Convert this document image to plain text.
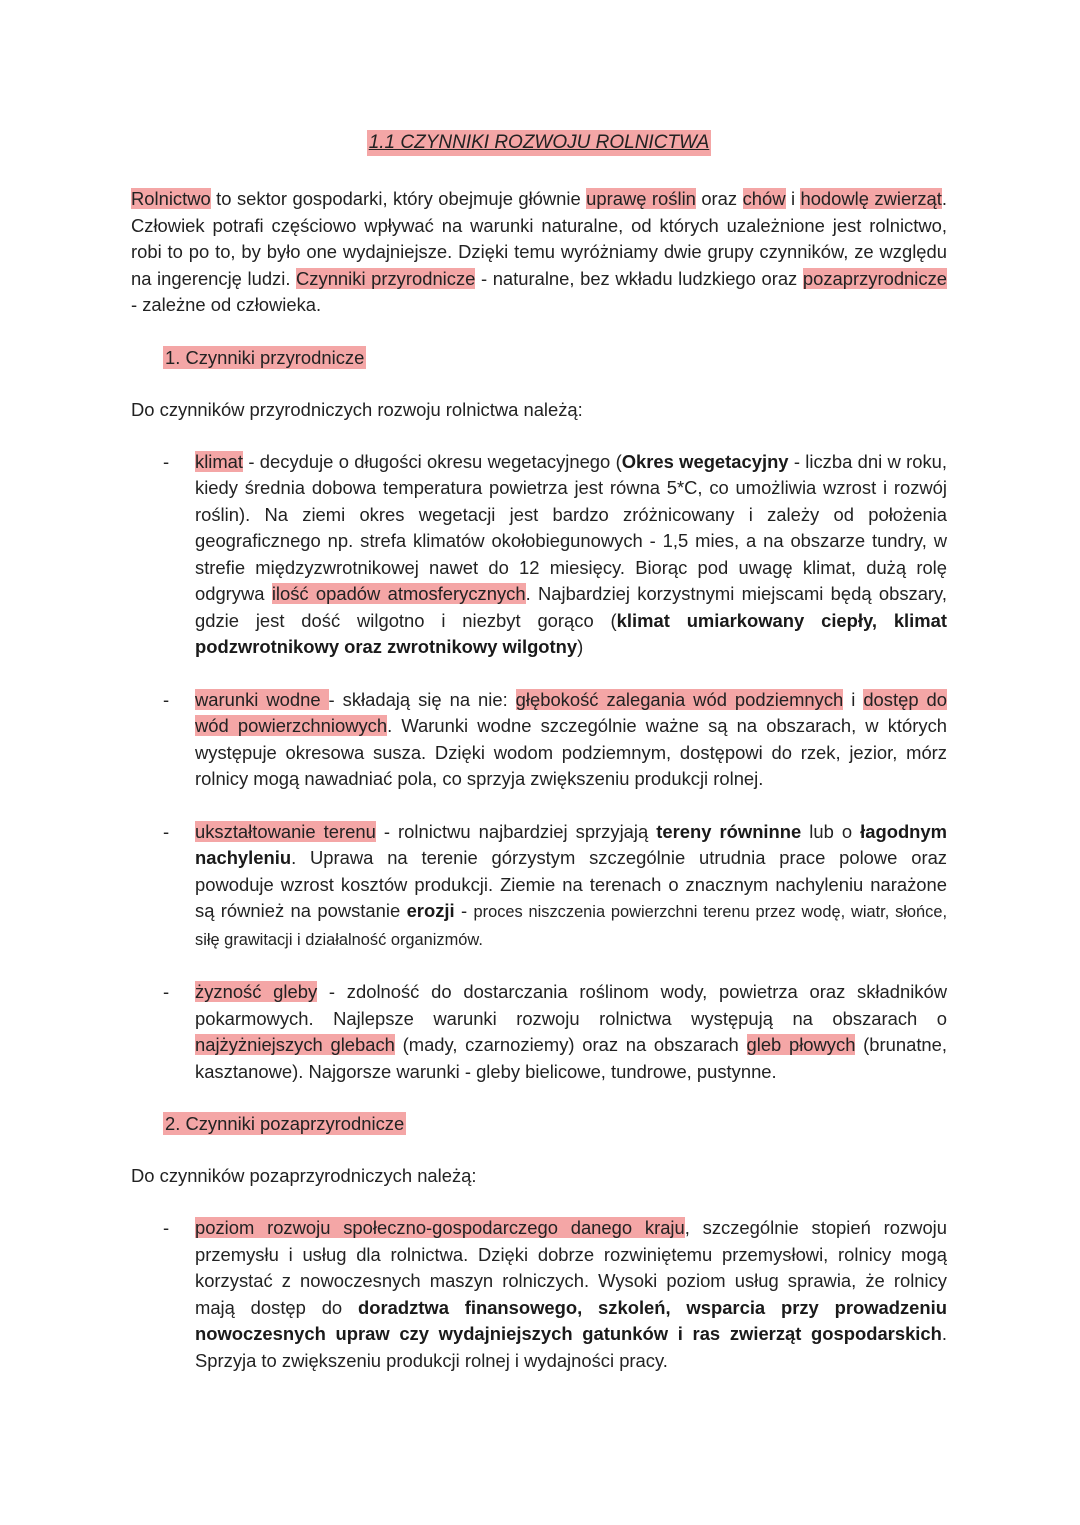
1.1 CZYNNIKI ROZWOJU ROLNICTWA

Rolnictwo to sektor gospodarki, który obejmuje głównie uprawę roślin oraz chów i hodowlę zwierząt. Człowiek potrafi częściowo wpływać na warunki naturalne, od których uzależnione jest rolnictwo, robi to po to, by było one wydajniejsze. Dzięki temu wyróżniamy dwie grupy czynników, ze względu na ingerencję ludzi. Czynniki przyrodnicze - naturalne, bez wkładu ludzkiego oraz pozaprzyrodnicze - zależne od człowieka.

1. Czynniki przyrodnicze
Do czynników przyrodniczych rozwoju rolnictwa należą:
- klimat - decyduje o długości okresu wegetacyjnego (Okres wegetacyjny - liczba dni w roku, kiedy średnia dobowa temperatura powietrza jest równa 5*C, co umożliwia wzrost i rozwój roślin). Na ziemi okres wegetacji jest bardzo zróżnicowany i zależy od położenia geograficznego np. strefa klimatów okołobiegunowych - 1,5 mies, a na obszarze tundry, w strefie międzyzwrotnikowej nawet do 12 miesięcy. Biorąc pod uwagę klimat, dużą rolę odgrywa ilość opadów atmosferycznych. Najbardziej korzystnymi miejscami będą obszary, gdzie jest dość wilgotno i niezbyt gorąco (klimat umiarkowany ciepły, klimat podzwrotnikowy oraz zwrotnikowy wilgotny)

- warunki wodne - składają się na nie: głębokość zalegania wód podziemnych i dostęp do wód powierzchniowych. Warunki wodne szczególnie ważne są na obszarach, w których występuje okresowa susza. Dzięki wodom podziemnym, dostępowi do rzek, jezior, mórz rolnicy mogą nawadniać pola, co sprzyja zwiększeniu produkcji rolnej.

- ukształtowanie terenu - rolnictwu najbardziej sprzyjają tereny równinne lub o łagodnym nachyleniu. Uprawa na terenie górzystym szczególnie utrudnia prace polowe oraz powoduje wzrost kosztów produkcji. Ziemie na terenach o znacznym nachyleniu narażone są również na powstanie erozji - proces niszczenia powierzchni terenu przez wodę, wiatr, słońce, siłę grawitacji i działalność organizmów.

- żyzność gleby - zdolność do dostarczania roślinom wody, powietrza oraz składników pokarmowych. Najlepsze warunki rozwoju rolnictwa występują na obszarach o najżyżniejszych glebach (mady, czarnoziemy) oraz na obszarach gleb płowych (brunatne, kasztanowe). Najgorsze warunki - gleby bielicowe, tundrowe, pustynne.

2. Czynniki pozaprzyrodnicze
Do czynników pozaprzyrodniczych należą:
- poziom rozwoju społeczno-gospodarczego danego kraju, szczególnie stopień rozwoju przemysłu i usług dla rolnictwa. Dzięki dobrze rozwiniętemu przemysłowi, rolnicy mogą korzystać z nowoczesnych maszyn rolniczych. Wysoki poziom usług sprawia, że rolnicy mają dostęp do doradztwa finansowego, szkoleń, wsparcia przy prowadzeniu nowoczesnych upraw czy wydajniejszych gatunków i ras zwierząt gospodarskich. Sprzyja to zwiększeniu produkcji rolnej i wydajności pracy.
